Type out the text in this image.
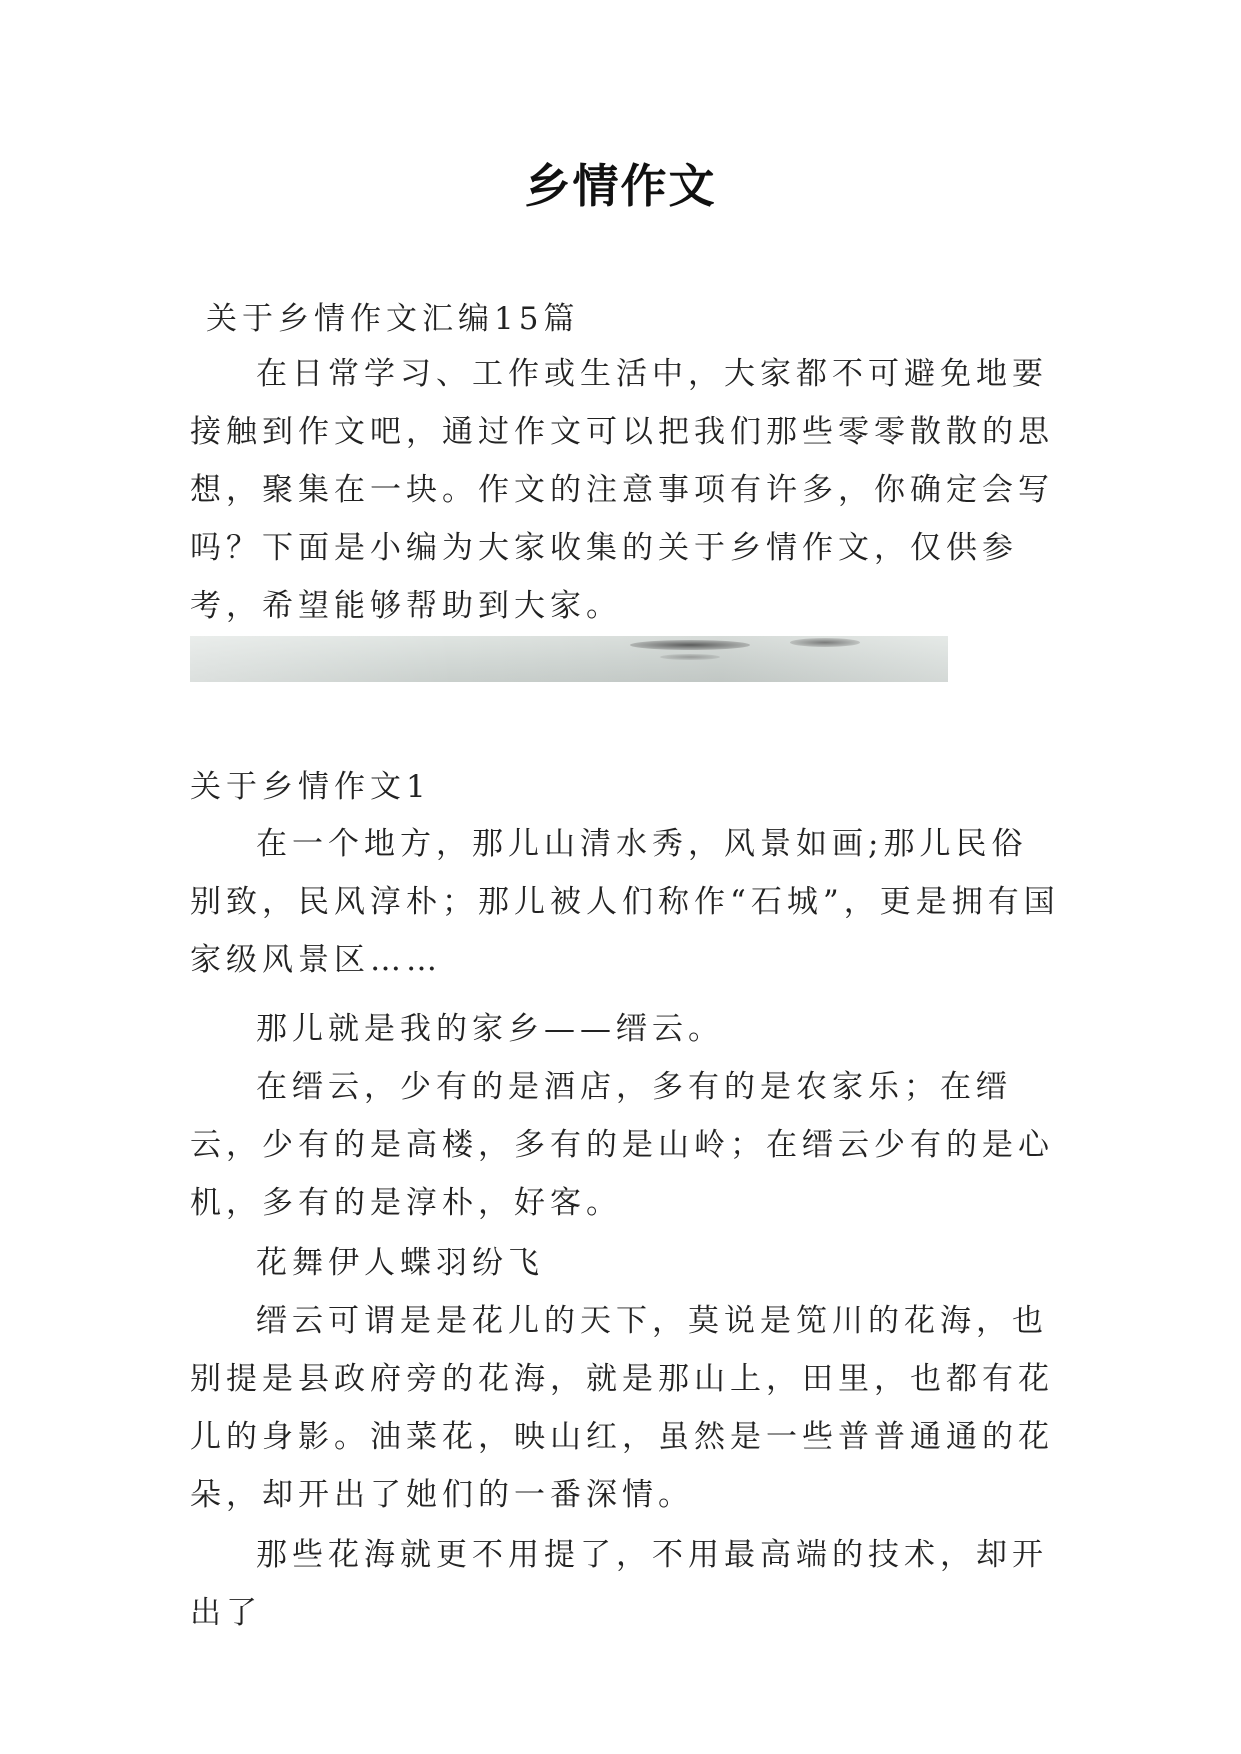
乡情作文

关于乡情作文汇编15篇

在日常学习、工作或生活中，大家都不可避免地要接触到作文吧，通过作文可以把我们那些零零散散的思想，聚集在一块。作文的注意事项有许多，你确定会写吗？下面是小编为大家收集的关于乡情作文，仅供参考，希望能够帮助到大家。

关于乡情作文1

在一个地方，那儿山清水秀，风景如画;那儿民俗别致，民风淳朴；那儿被人们称作“石城”，更是拥有国家级风景区……

那儿就是我的家乡——缙云。

在缙云，少有的是酒店，多有的是农家乐；在缙云，少有的是高楼，多有的是山岭；在缙云少有的是心机，多有的是淳朴，好客。

花舞伊人蝶羽纷飞

缙云可谓是是花儿的天下，莫说是笕川的花海，也别提是县政府旁的花海，就是那山上，田里，也都有花儿的身影。油菜花，映山红，虽然是一些普普通通的花朵，却开出了她们的一番深情。

那些花海就更不用提了，不用最高端的技术，却开出了
